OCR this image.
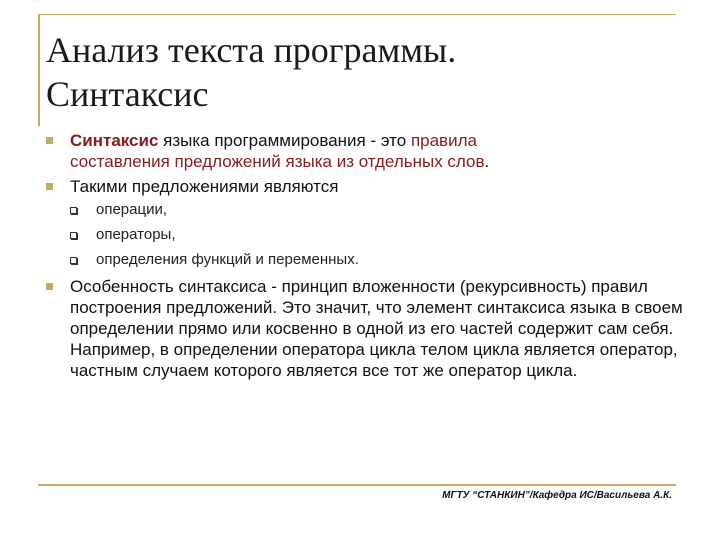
Анализ текста программы.
Синтаксис
Синтаксис языка программирования - это правила
составления предложений языка из отдельных слов.
Такими предложениями являются
операции,
операторы,
определения функций и переменных.
Особенность синтаксиса - принцип вложенности (рекурсивность) правил построения предложений. Это значит, что элемент синтаксиса языка в своем определении прямо или косвенно в одной из его частей содержит сам себя. Например, в определении оператора цикла телом цикла является оператор, частным случаем которого является все тот же оператор цикла.
МГТУ “СТАНКИН”/Кафедра ИС/Васильева А.К.
